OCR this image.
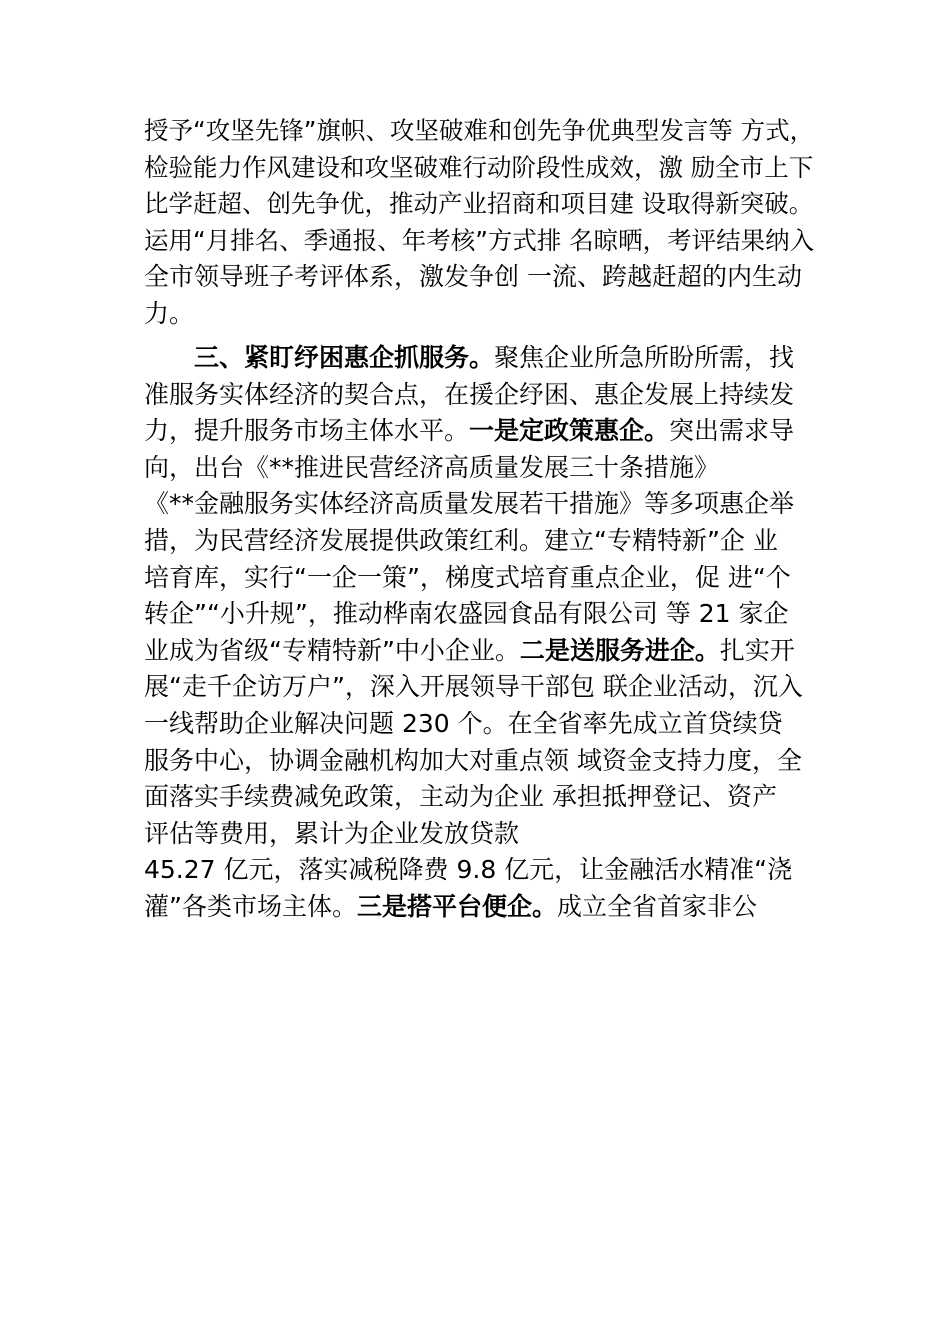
授予“攻坚先锋”旗帜、攻坚破难和创先争优典型发言等 方式，
检验能力作风建设和攻坚破难行动阶段性成效，激 励全市上下
比学赶超、创先争优，推动产业招商和项目建 设取得新突破。
运用“月排名、季通报、年考核”方式排 名晾晒，考评结果纳入
全市领导班子考评体系，激发争创 一流、跨越赶超的内生动
力。
　　三、紧盯纾困惠企抓服务。聚焦企业所急所盼所需，找
准服务实体经济的契合点，在援企纾困、惠企发展上持续发
力，提升服务市场主体水平。一是定政策惠企。突出需求导
向，出台《**推进民营经济高质量发展三十条措施》
《**金融服务实体经济高质量发展若干措施》等多项惠企举
措，为民营经济发展提供政策红利。建立“专精特新”企 业
培育库，实行“一企一策”，梯度式培育重点企业，促 进“个
转企”“小升规”，推动桦南农盛园食品有限公司 等 21 家企
业成为省级“专精特新”中小企业。二是送服务进企。扎实开
展“走千企访万户”，深入开展领导干部包 联企业活动，沉入
一线帮助企业解决问题 230 个。在全省率先成立首贷续贷
服务中心，协调金融机构加大对重点领 域资金支持力度，全
面落实手续费减免政策，主动为企业 承担抵押登记、资产
评估等费用，累计为企业发放贷款
45.27 亿元，落实减税降费 9.8 亿元，让金融活水精准“浇
灌”各类市场主体。三是搭平台便企。成立全省首家非公
